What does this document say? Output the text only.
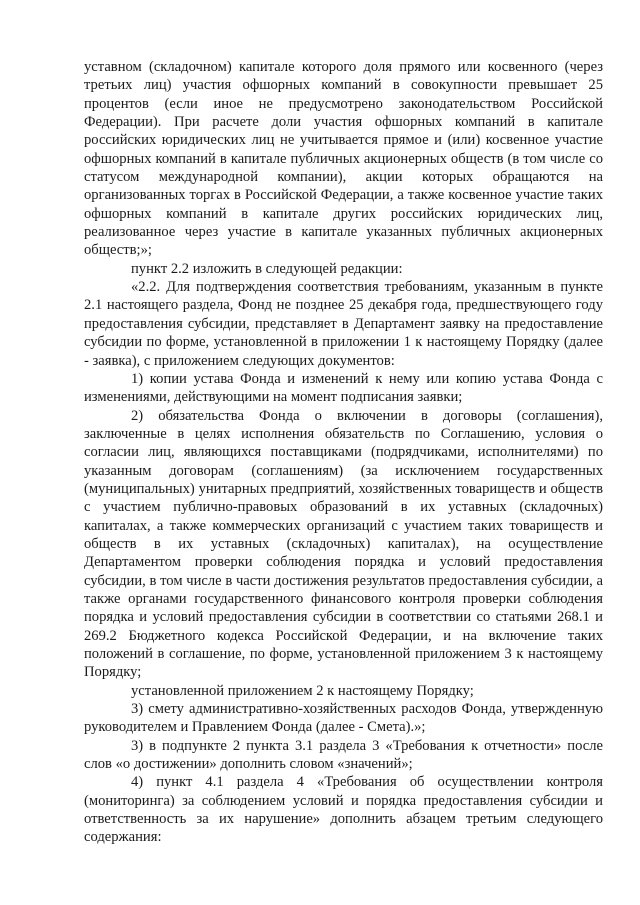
уставном (складочном) капитале которого доля прямого или косвенного (через третьих лиц) участия офшорных компаний в совокупности превышает 25 процентов (если иное не предусмотрено законодательством Российской Федерации). При расчете доли участия офшорных компаний в капитале российских юридических лиц не учитывается прямое и (или) косвенное участие офшорных компаний в капитале публичных акционерных обществ (в том числе со статусом международной компании), акции которых обращаются на организованных торгах в Российской Федерации, а также косвенное участие таких офшорных компаний в капитале других российских юридических лиц, реализованное через участие в капитале указанных публичных акционерных обществ;»;

пункт 2.2 изложить в следующей редакции:

«2.2. Для подтверждения соответствия требованиям, указанным в пункте 2.1 настоящего раздела, Фонд не позднее 25 декабря года, предшествующего году предоставления субсидии, представляет в Департамент заявку на предоставление субсидии по форме, установленной в приложении 1 к настоящему Порядку (далее - заявка), с приложением следующих документов:

1) копии устава Фонда и изменений к нему или копию устава Фонда с изменениями, действующими на момент подписания заявки;

2) обязательства Фонда о включении в договоры (соглашения), заключенные в целях исполнения обязательств по Соглашению, условия о согласии лиц, являющихся поставщиками (подрядчиками, исполнителями) по указанным договорам (соглашениям) (за исключением государственных (муниципальных) унитарных предприятий, хозяйственных товариществ и обществ с участием публично-правовых образований в их уставных (складочных) капиталах, а также коммерческих организаций с участием таких товариществ и обществ в их уставных (складочных) капиталах), на осуществление Департаментом проверки соблюдения порядка и условий предоставления субсидии, в том числе в части достижения результатов предоставления субсидии, а также органами государственного финансового контроля проверки соблюдения порядка и условий предоставления субсидии в соответствии со статьями 268.1 и 269.2 Бюджетного кодекса Российской Федерации, и на включение таких положений в соглашение, по форме, установленной приложением 3 к настоящему Порядку;

установленной приложением 2 к настоящему Порядку;

3) смету административно-хозяйственных расходов Фонда, утвержденную руководителем и Правлением Фонда (далее - Смета).»;

3) в подпункте 2 пункта 3.1 раздела 3 «Требования к отчетности» после слов «о достижении» дополнить словом «значений»;

4) пункт 4.1 раздела 4 «Требования об осуществлении контроля (мониторинга) за соблюдением условий и порядка предоставления субсидии и ответственность за их нарушение» дополнить абзацем третьим следующего содержания:
